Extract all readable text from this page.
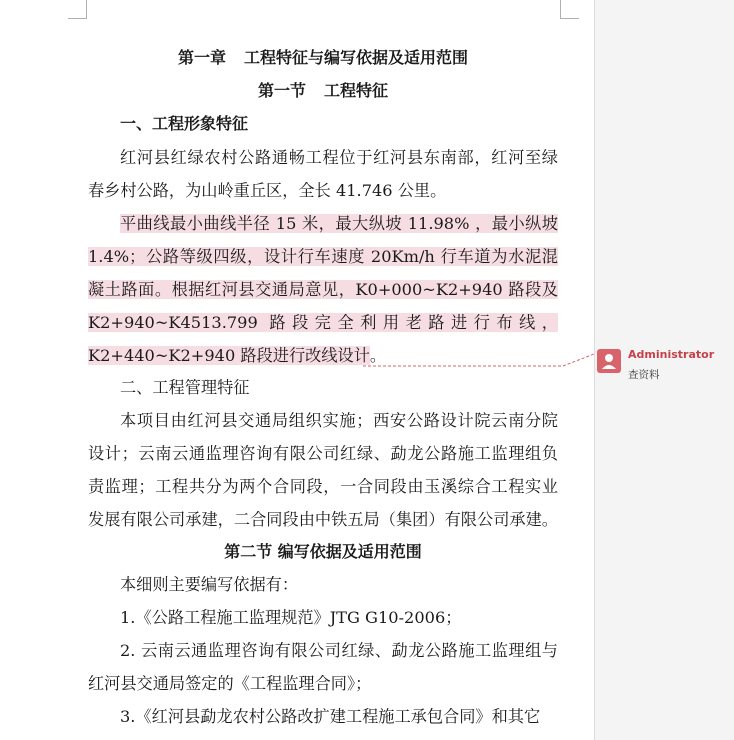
第一章 工程特征与编写依据及适用范围
第一节 工程特征
一、工程形象特征
红河县红绿农村公路通畅工程位于红河县东南部，红河至绿
春乡村公路，为山岭重丘区，全长 41.746 公里。
平曲线最小曲线半径 15 米，最大纵坡 11.98% ，最小纵坡
1.4%；公路等级四级，设计行车速度 20Km/h 行车道为水泥混
凝土路面。根据红河县交通局意见，K0+000~K2+940 路段及
K2+940~K4513.799 路段完全利用老路进行布线，
K2+440~K2+940 路段进行改线设计。
二、工程管理特征
本项目由红河县交通局组织实施；西安公路设计院云南分院
设计；云南云通监理咨询有限公司红绿、勐龙公路施工监理组负
责监理；工程共分为两个合同段，一合同段由玉溪综合工程实业
发展有限公司承建，二合同段由中铁五局（集团）有限公司承建。
第二节 编写依据及适用范围
本细则主要编写依据有：
1.《公路工程施工监理规范》JTG G10-2006；
2. 云南云通监理咨询有限公司红绿、勐龙公路施工监理组与
红河县交通局签定的《工程监理合同》；
3.《红河县勐龙农村公路改扩建工程施工承包合同》和其它
Administrator
查资料
